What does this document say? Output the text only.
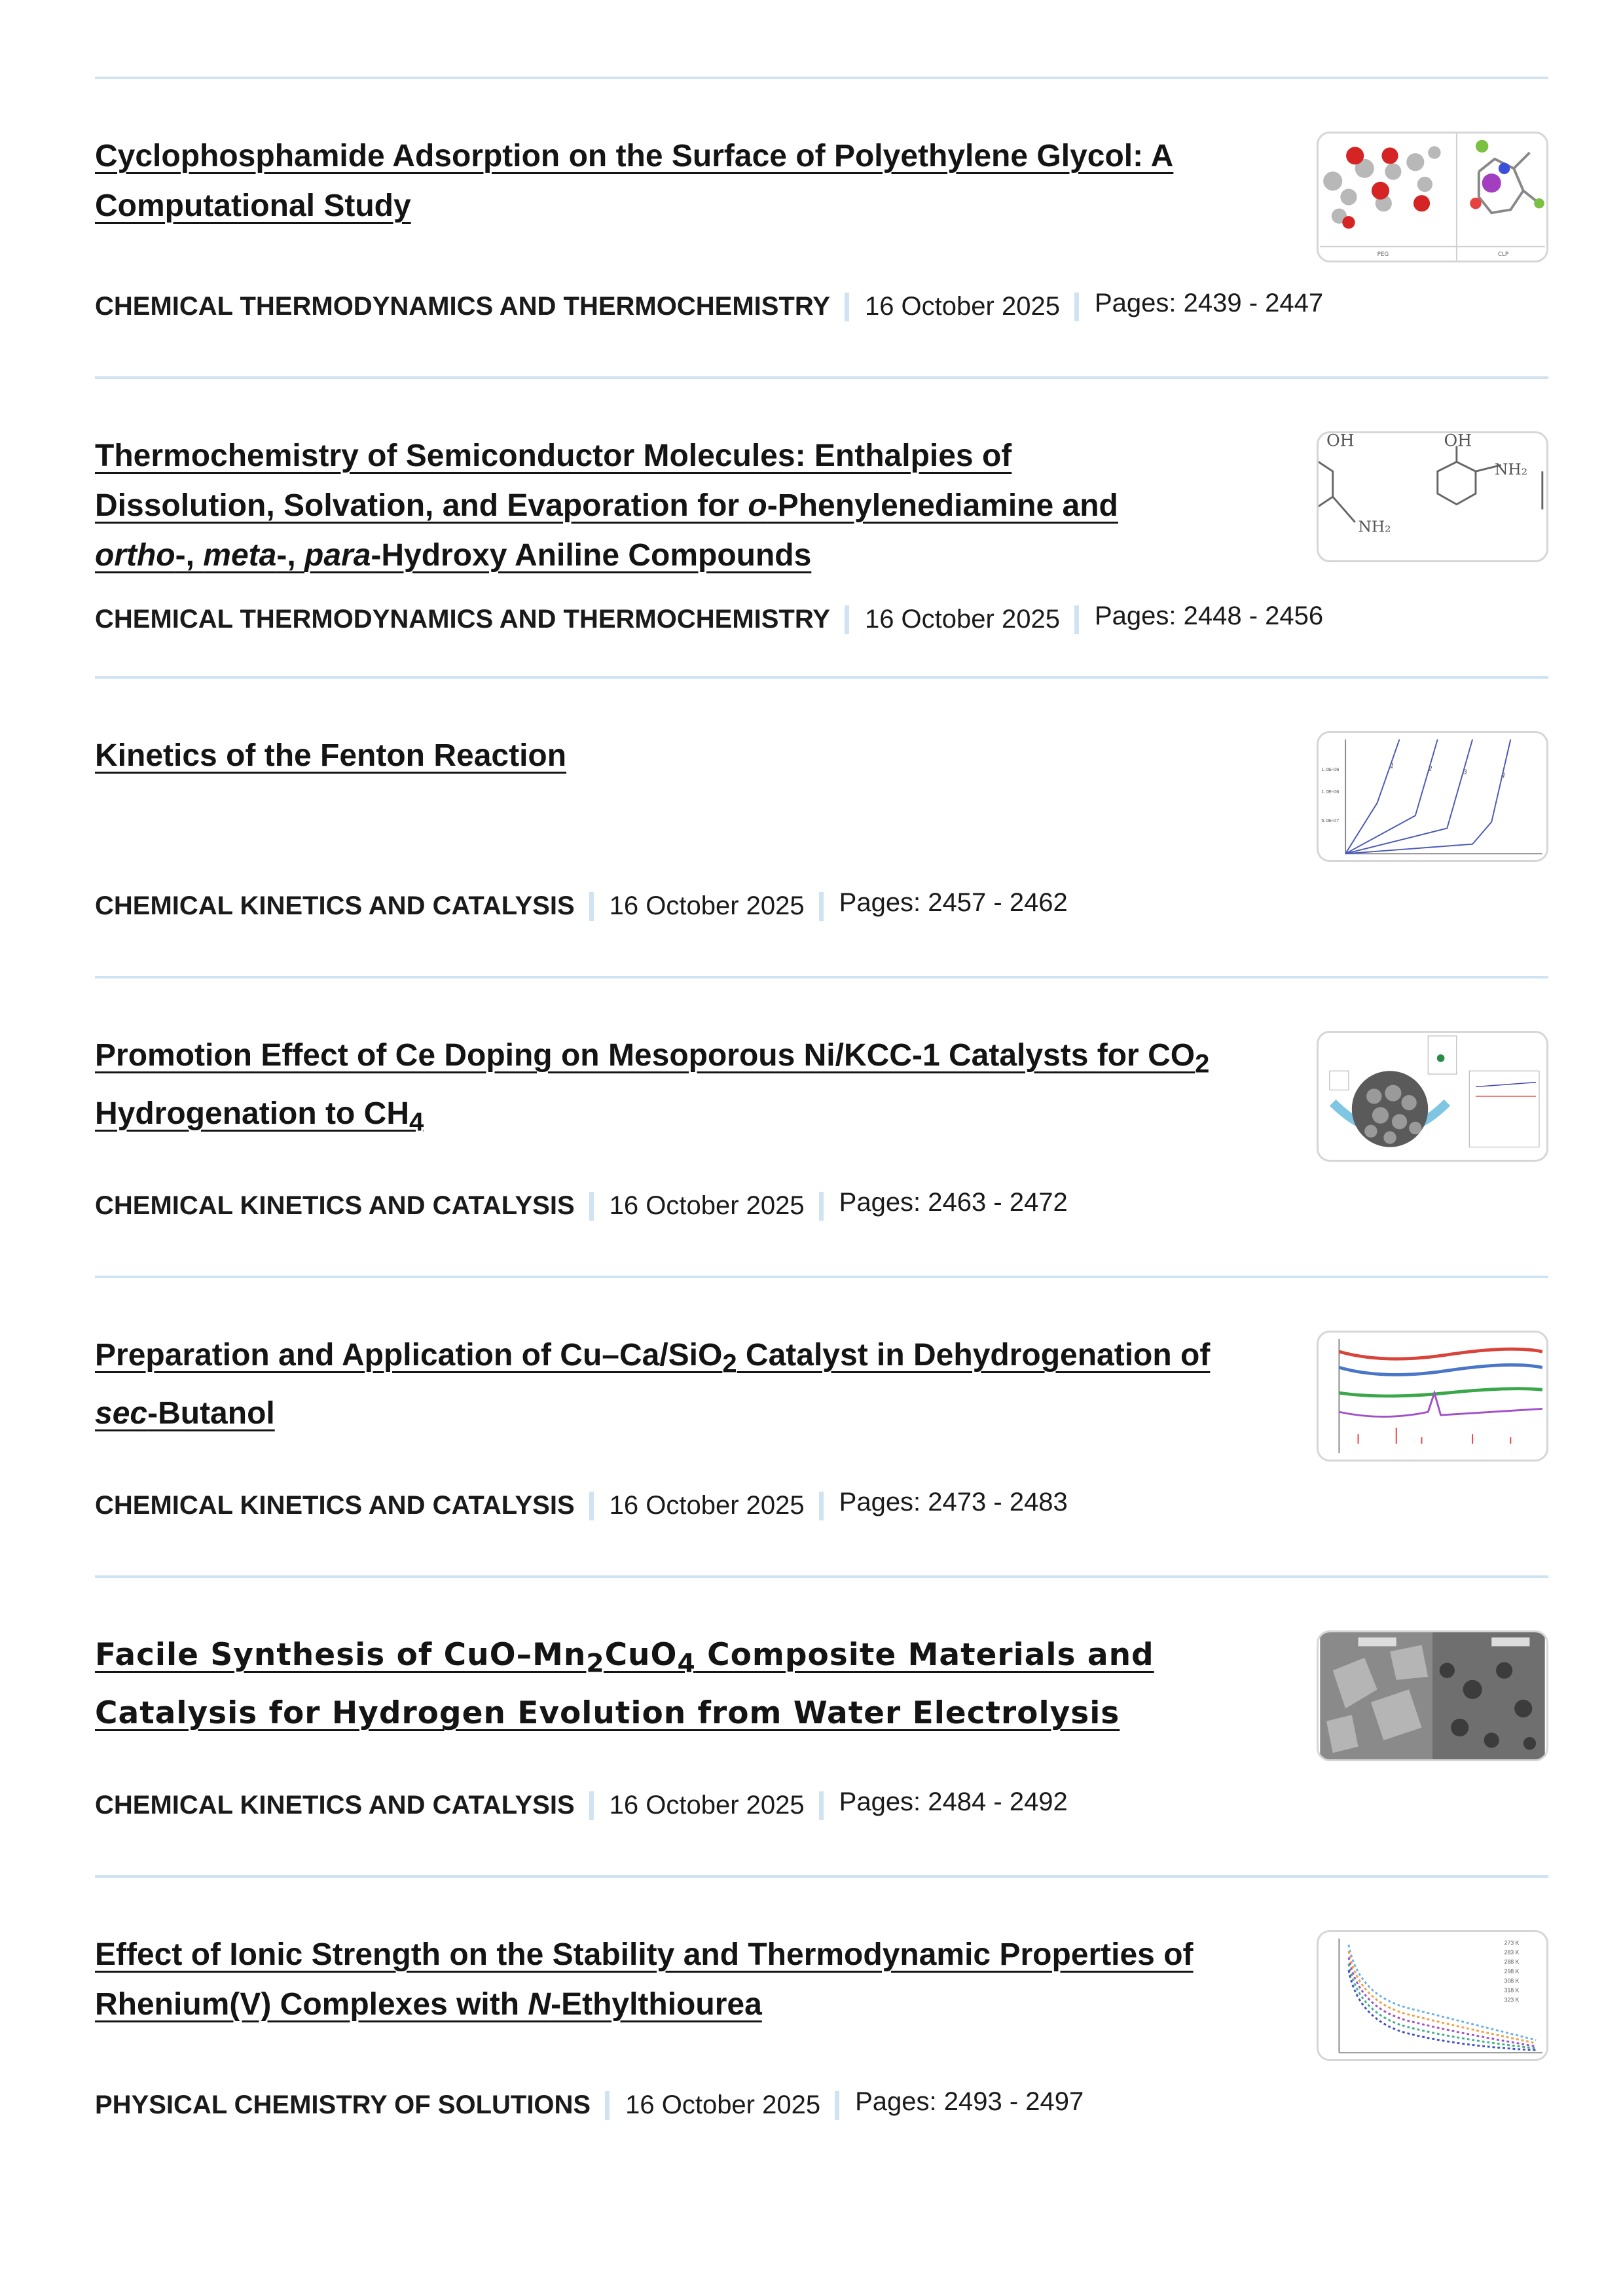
Cyclophosphamide Adsorption on the Surface of Polyethylene Glycol: A Computational Study
PEG	CLP
CHEMICAL THERMODYNAMICS AND THERMOCHEMISTRY 16 October 2025 Pages: 2439 - 2447
Thermochemistry of Semiconductor Molecules: Enthalpies of Dissolution, Solvation, and Evaporation for o-Phenylenediamine and ortho-, meta-, para-Hydroxy Aniline Compounds
OH	OH
NH₂
NH₂
CHEMICAL THERMODYNAMICS AND THERMOCHEMISTRY 16 October 2025 Pages: 2448 - 2456
Kinetics of the Fenton Reaction	1.0E-06
1.0E-06
5.0E-07
1	2	3	4
CHEMICAL KINETICS AND CATALYSIS 16 October 2025 Pages: 2457 - 2462
Promotion Effect of Ce Doping on Mesoporous Ni/KCC-1 Catalysts for $CO_2$ Hydrogenation to $CH_4$
CHEMICAL KINETICS AND CATALYSIS 16 October 2025 Pages: 2463 - 2472
Preparation and Application of Cu–Ca/SiO$_2$ Catalyst in Dehydrogenation of sec-Butanol
CHEMICAL KINETICS AND CATALYSIS 16 October 2025 Pages: 2473 - 2483
Facile Synthesis of CuO–$Mn_2CuO_4$ Composite Materials and Catalysis for Hydrogen Evolution from Water Electrolysis
CHEMICAL KINETICS AND CATALYSIS 16 October 2025 Pages: 2484 - 2492
Effect of Ionic Strength on the Stability and Thermodynamic Properties of Rhenium(V) Complexes with N-Ethylthiourea
273 K
283 K
288 K
298 K
308 K
318 K
323 K
PHYSICAL CHEMISTRY OF SOLUTIONS 16 October 2025 Pages: 2493 - 2497
